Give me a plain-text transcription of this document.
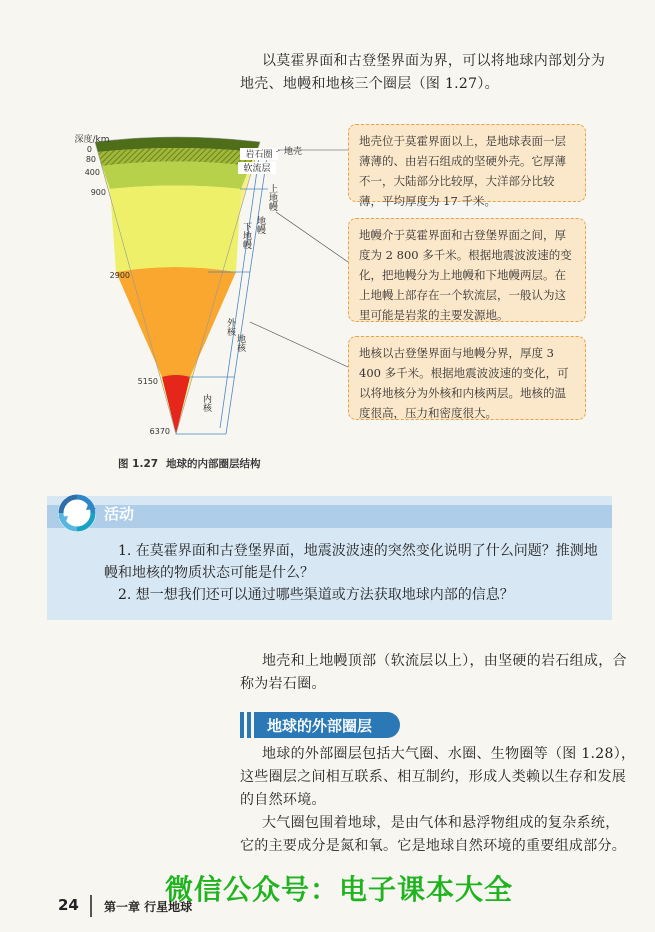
以莫霍界面和古登堡界面为界，可以将地球内部划分为
地壳、地幔和地核三个圈层（图 1.27）。
深度/km
0
80
400
900
2900
5150
6370
岩石圈
软流层
地壳
上地幔
下地幔 地幔
外核
地核
内核
地壳位于莫霍界面以上，是地球表面一层薄薄的、由岩石组成的坚硬外壳。它厚薄不一，大陆部分比较厚，大洋部分比较薄，平均厚度为 17 千米。
地幔介于莫霍界面和古登堡界面之间，厚度为 2 800 多千米。根据地震波波速的变化，把地幔分为上地幔和下地幔两层。在上地幔上部存在一个软流层，一般认为这里可能是岩浆的主要发源地。
地核以古登堡界面与地幔分界，厚度 3 400 多千米。根据地震波波速的变化，可以将地核分为外核和内核两层。地核的温度很高，压力和密度很大。
图 1.27 地球的内部圈层结构
活动
1. 在莫霍界面和古登堡界面，地震波波速的突然变化说明了什么问题？推测地
幔和地核的物质状态可能是什么？
2. 想一想我们还可以通过哪些渠道或方法获取地球内部的信息？
地壳和上地幔顶部（软流层以上），由坚硬的岩石组成，合
称为岩石圈。
地球的外部圈层
地球的外部圈层包括大气圈、水圈、生物圈等（图 1.28），
这些圈层之间相互联系、相互制约，形成人类赖以生存和发展
的自然环境。
大气圈包围着地球，是由气体和悬浮物组成的复杂系统，
它的主要成分是氮和氧。它是地球自然环境的重要组成部分。
微信公众号：电子课本大全
24 第一章 行星地球
